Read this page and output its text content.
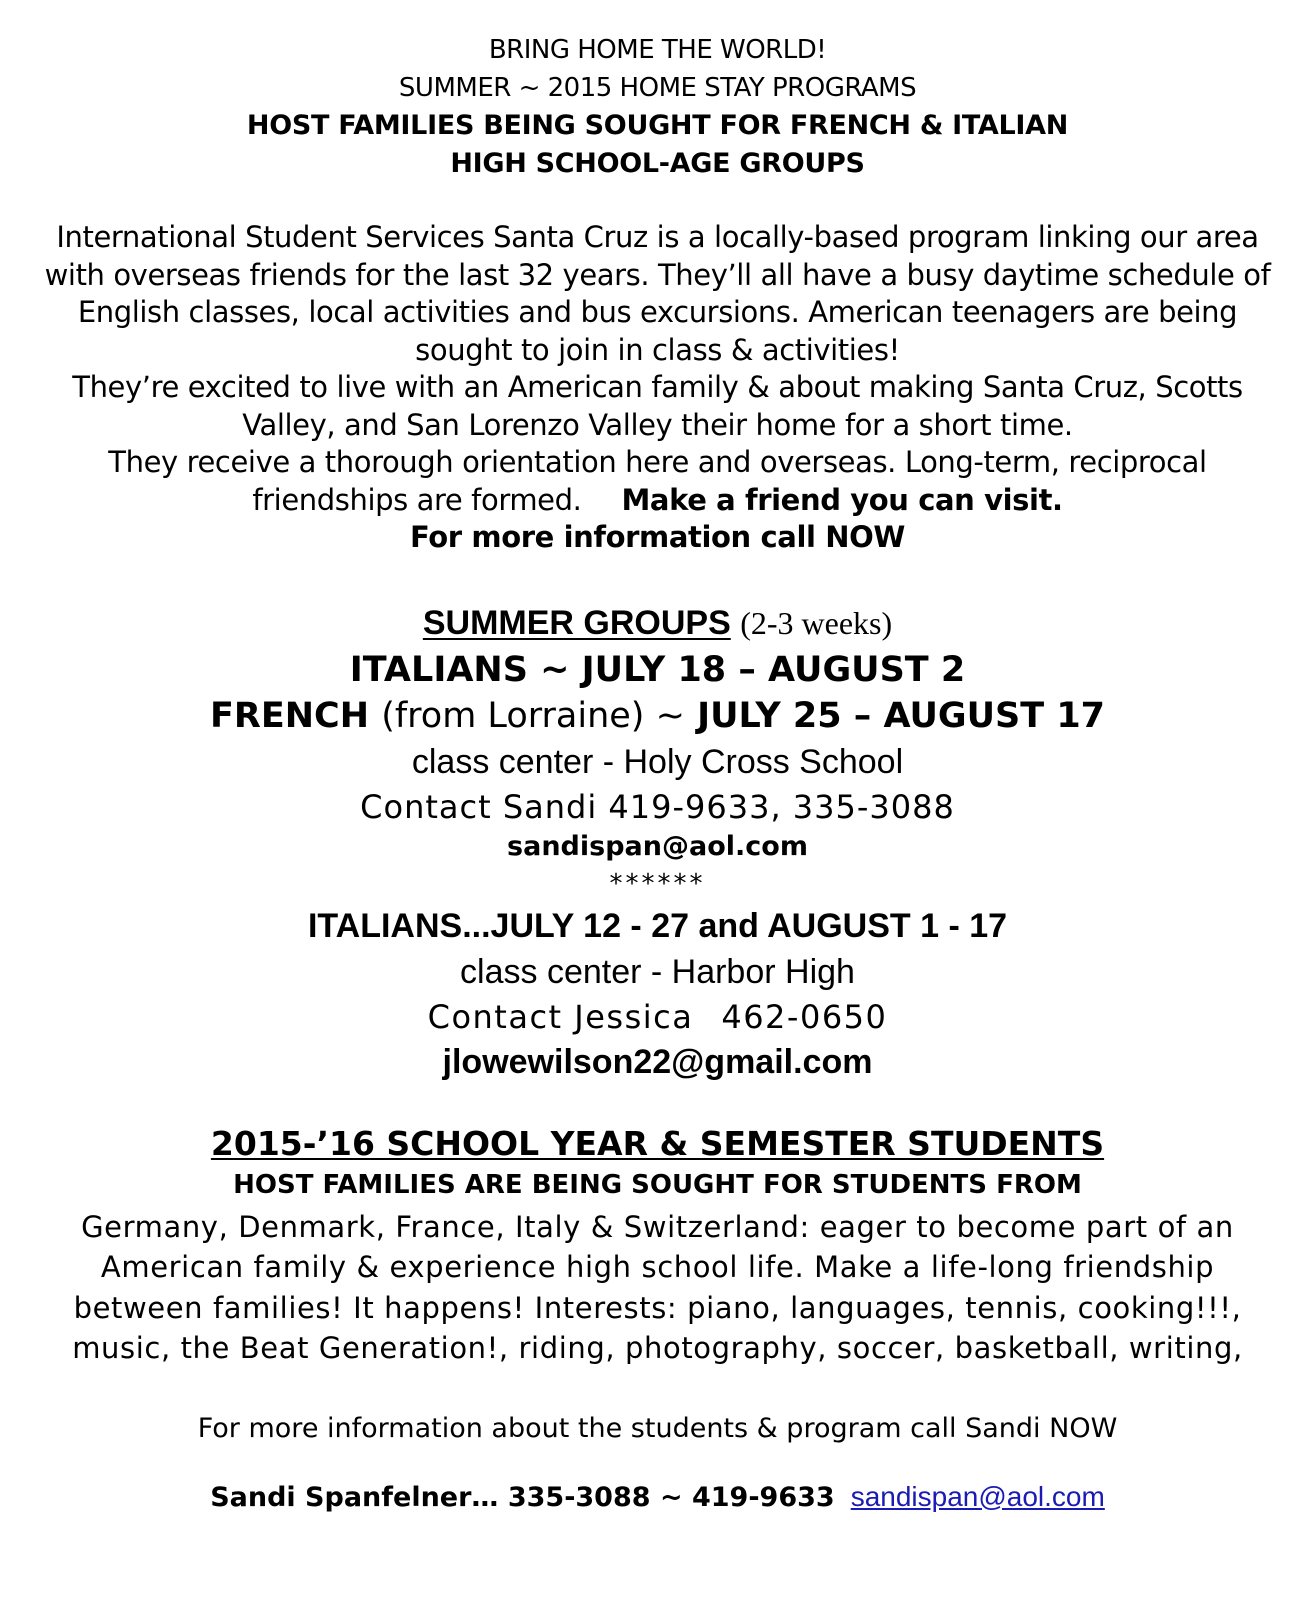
BRING HOME THE WORLD!
SUMMER ~ 2015 HOME STAY PROGRAMS
HOST FAMILIES BEING SOUGHT FOR FRENCH & ITALIAN
HIGH SCHOOL-AGE GROUPS
International Student Services Santa Cruz is a locally-based program linking our area
with overseas friends for the last 32 years. They’ll all have a busy daytime schedule of
English classes, local activities and bus excursions. American teenagers are being
sought to join in class & activities!
They’re excited to live with an American family & about making Santa Cruz, Scotts
Valley, and San Lorenzo Valley their home for a short time.
They receive a thorough orientation here and overseas. Long-term, reciprocal
friendships are formed. Make a friend you can visit.
For more information call NOW
SUMMER GROUPS (2-3 weeks)
ITALIANS ~ JULY 18 – AUGUST 2
FRENCH (from Lorraine) ~ JULY 25 – AUGUST 17
class center - Holy Cross School
Contact Sandi 419-9633, 335-3088
sandispan@aol.com
******
ITALIANS...JULY 12 - 27 and AUGUST 1 - 17
class center - Harbor High
Contact Jessica 462-0650
jlowewilson22@gmail.com
2015-’16 SCHOOL YEAR & SEMESTER STUDENTS
HOST FAMILIES ARE BEING SOUGHT FOR STUDENTS FROM
Germany, Denmark, France, Italy & Switzerland: eager to become part of an
American family & experience high school life. Make a life-long friendship
between families! It happens! Interests: piano, languages, tennis, cooking!!!,
music, the Beat Generation!, riding, photography, soccer, basketball, writing,
For more information about the students & program call Sandi NOW
Sandi Spanfelner… 335-3088 ~ 419-9633 sandispan@aol.com
